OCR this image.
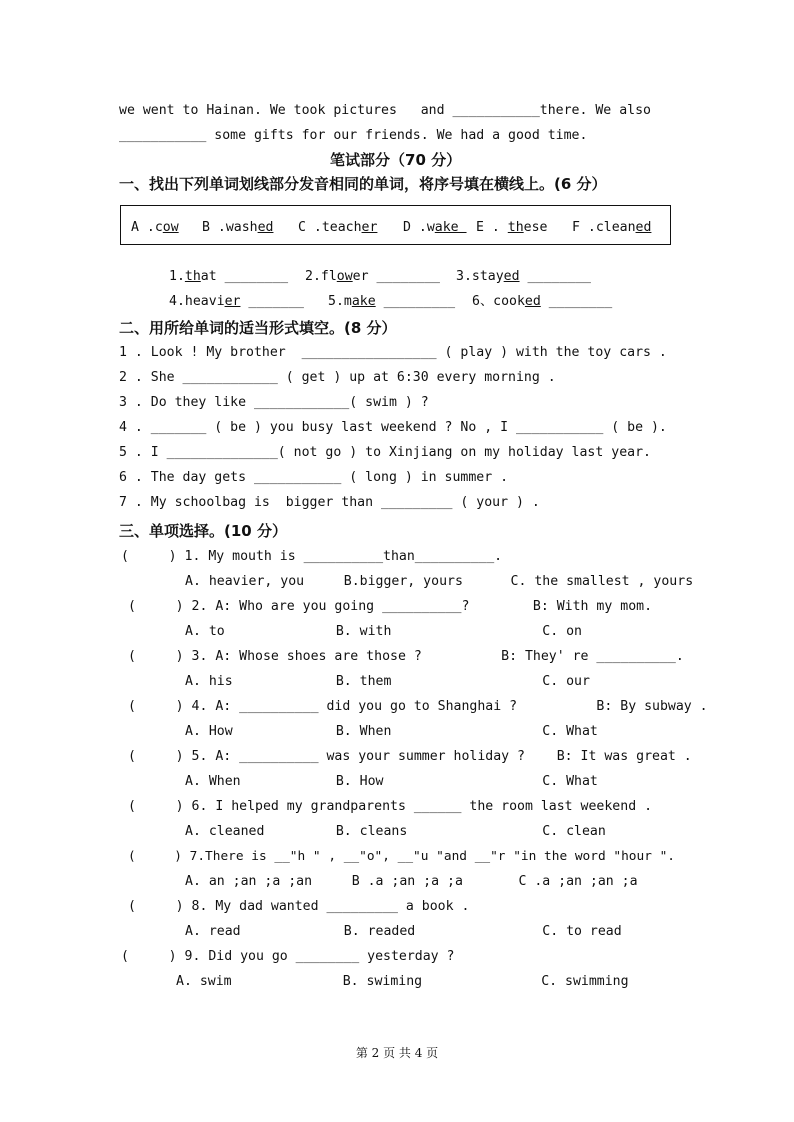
we went to Hainan. We took pictures   and ___________there. We also
___________ some gifts for our friends. We had a good time.
笔试部分（70 分）
一、找出下列单词划线部分发音相同的单词，将序号填在横线上。(6 分）
A .cow B .washed C .teacher D .wake E . these F .cleaned
1.that ________ 2.flower ________ 3.stayed ________
4.heavier _______ 5.make _________ 6、cooked ________
二、用所给单词的适当形式填空。(8 分）
1 . Look ! My brother  _________________ ( play ) with the toy cars .
2 . She ____________ ( get ) up at 6:30 every morning .
3 . Do they like ____________( swim ) ?
4 . _______ ( be ) you busy last weekend ? No , I ___________ ( be ).
5 . I ______________( not go ) to Xinjiang on my holiday last year.
6 . The day gets ___________ ( long ) in summer .
7 . My schoolbag is  bigger than _________ ( your ) .
三、单项选择。(10 分）
(     ) 1. My mouth is __________than__________.
A. heavier, you     B.bigger, yours      C. the smallest , yours
(     ) 2. A: Who are you going __________?        B: With my mom.
A. to              B. with                   C. on
(     ) 3. A: Whose shoes are those ?          B: They' re __________.
A. his             B. them                   C. our
(     ) 4. A: __________ did you go to Shanghai ?          B: By subway .
A. How             B. When                   C. What
(     ) 5. A: __________ was your summer holiday ?    B: It was great .
A. When            B. How                    C. What
(     ) 6. I helped my grandparents ______ the room last weekend .
A. cleaned         B. cleans                 C. clean
(     ) 7.There is __"h " , __"o", __"u "and __"r "in the word "hour ".
A. an ;an ;a ;an     B .a ;an ;a ;a       C .a ;an ;an ;a
(     ) 8. My dad wanted _________ a book .
A. read             B. readed                C. to read
(     ) 9. Did you go ________ yesterday ?
A. swim              B. swiming               C. swimming
第 2 页 共 4 页
